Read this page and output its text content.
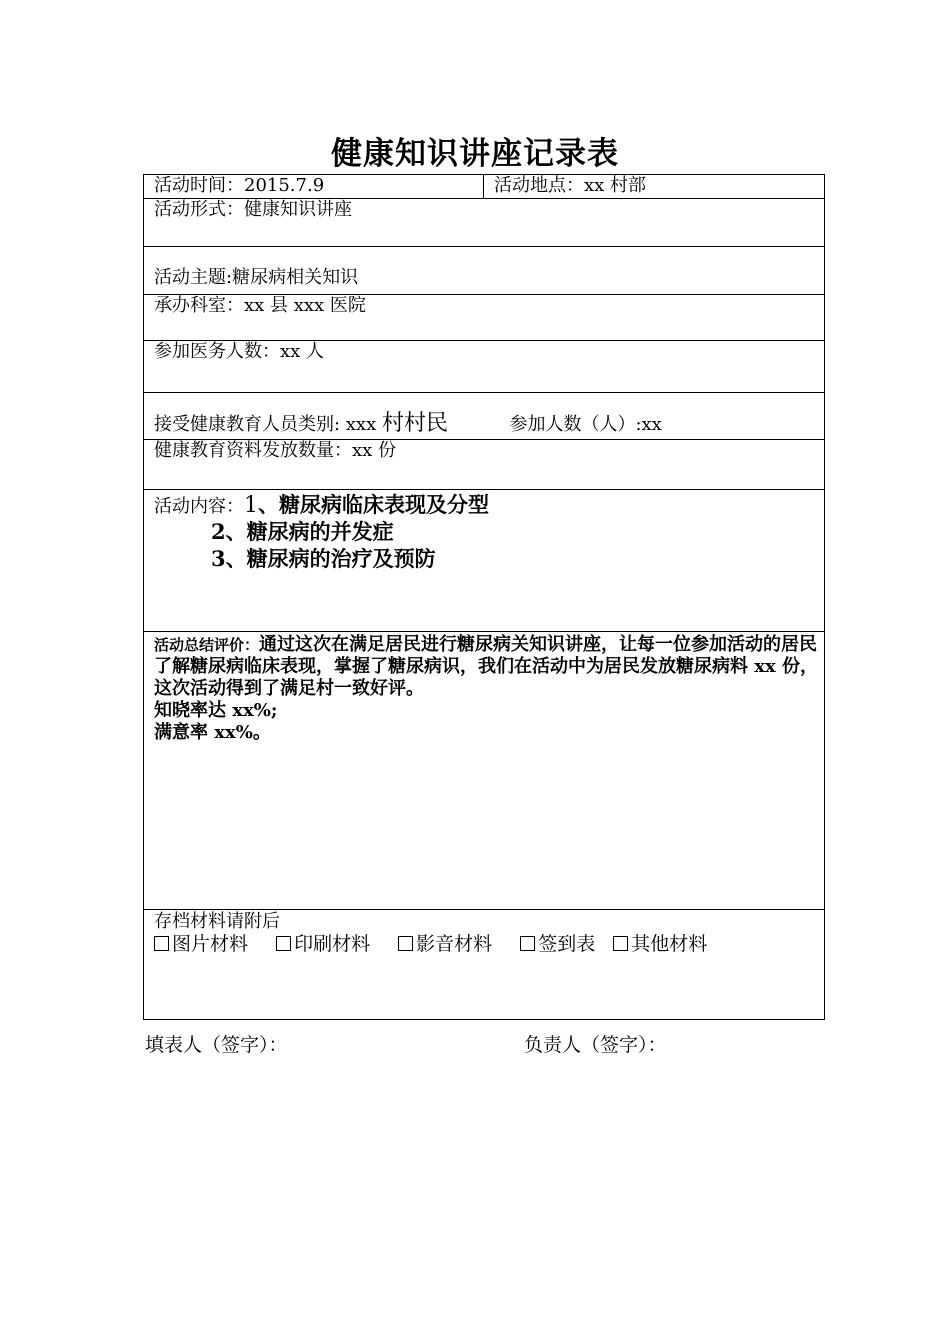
健康知识讲座记录表
活动时间：2015.7.9	活动地点：xx 村部
活动形式：健康知识讲座
活动主题:糖尿病相关知识
承办科室：xx 县 xxx 医院
参加医务人数：xx 人
接受健康教育人员类别: xxx 村村民	参加人数（人）:xx
健康教育资料发放数量：xx 份

活动内容：1、糖尿病临床表现及分型
2、糖尿病的并发症
3、糖尿病的治疗及预防

活动总结评价：通过这次在满足居民进行糖尿病关知识讲座，让每一位参加活动的居民了解糖尿病临床表现，掌握了糖尿病识，我们在活动中为居民发放糖尿病料 xx 份，这次活动得到了满足村一致好评。
知晓率达 xx%;
满意率 xx%。

存档材料请附后
图片材料 印刷材料 影音材料 签到表 其他材料
填表人（签字）：	负责人（签字）：
